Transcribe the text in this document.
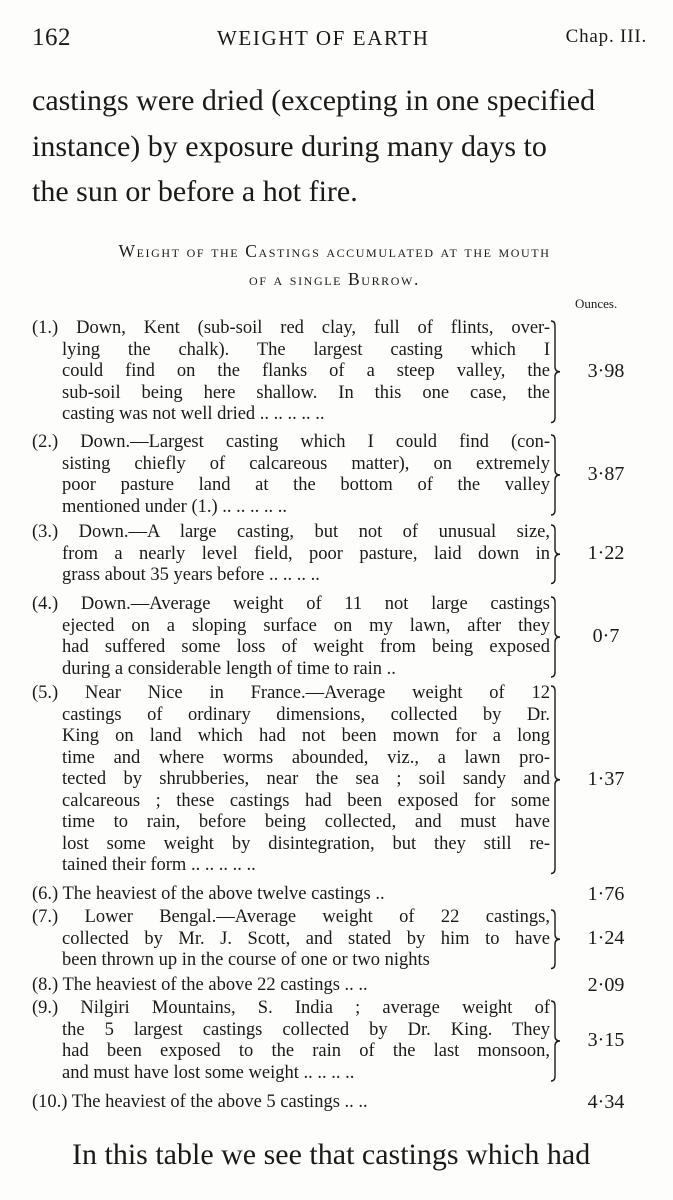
162	WEIGHT OF EARTH	Chap. III.
castings were dried (excepting in one specified
instance) by exposure during many days to
the sun or before a hot fire.
Weight of the Castings accumulated at the mouth
of a single Burrow.
Ounces.
(1.) Down, Kent (sub-soil red clay, full of flints, over-
lying the chalk). The largest casting which I
could find on the flanks of a steep valley, the
sub-soil being here shallow. In this one case, the
casting was not well dried .. .. .. .. ..
3·98
(2.) Down.—Largest casting which I could find (con-
sisting chiefly of calcareous matter), on extremely
poor pasture land at the bottom of the valley
mentioned under (1.) .. .. .. .. ..
3·87
(3.) Down.—A large casting, but not of unusual size,
from a nearly level field, poor pasture, laid down in
grass about 35 years before .. .. .. ..
1·22
(4.) Down.—Average weight of 11 not large castings
ejected on a sloping surface on my lawn, after they
had suffered some loss of weight from being exposed
during a considerable length of time to rain ..
0·7
(5.) Near Nice in France.—Average weight of 12
castings of ordinary dimensions, collected by Dr.
King on land which had not been mown for a long
time and where worms abounded, viz., a lawn pro-
tected by shrubberies, near the sea ; soil sandy and
calcareous ; these castings had been exposed for some
time to rain, before being collected, and must have
lost some weight by disintegration, but they still re-
tained their form .. .. .. .. ..
1·37
(6.) The heaviest of the above twelve castings ..	1·76
(7.) Lower Bengal.—Average weight of 22 castings,
collected by Mr. J. Scott, and stated by him to have
been thrown up in the course of one or two nights
1·24
(8.) The heaviest of the above 22 castings .. ..	2·09
(9.) Nilgiri Mountains, S. India ; average weight of
the 5 largest castings collected by Dr. King. They
had been exposed to the rain of the last monsoon,
and must have lost some weight .. .. .. ..
3·15
(10.) The heaviest of the above 5 castings .. ..	4·34
In this table we see that castings which had
